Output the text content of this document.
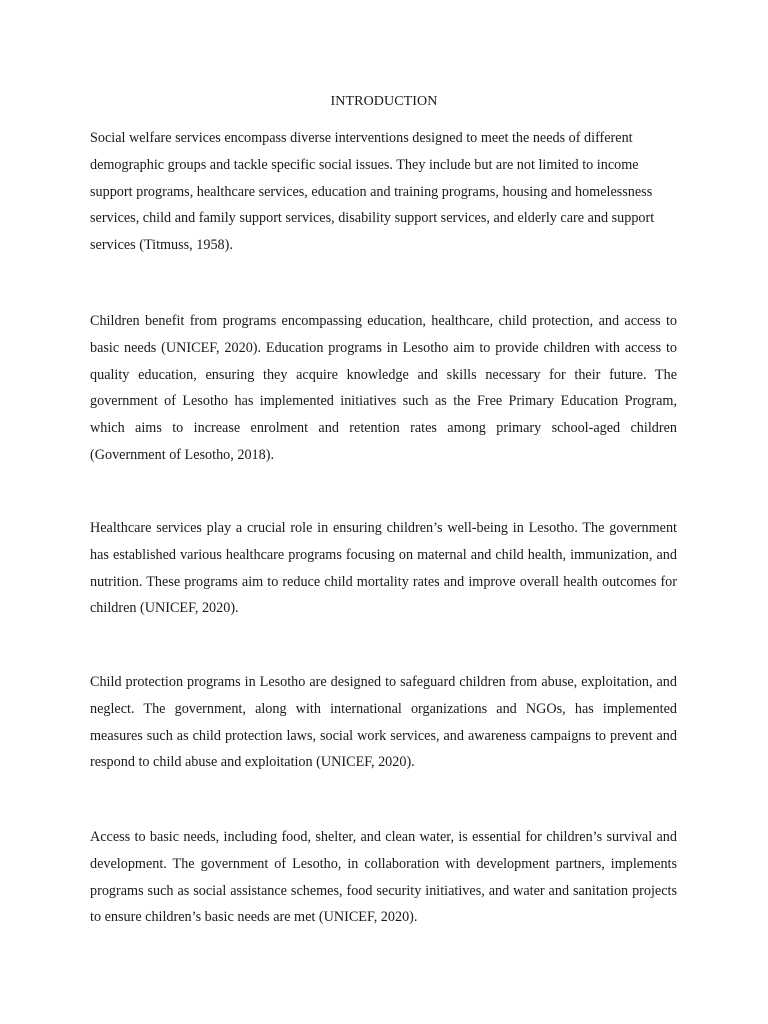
INTRODUCTION

Social welfare services encompass diverse interventions designed to meet the needs of different demographic groups and tackle specific social issues. They include but are not limited to income support programs, healthcare services, education and training programs, housing and homelessness services, child and family support services, disability support services, and elderly care and support services (Titmuss, 1958).

Children benefit from programs encompassing education, healthcare, child protection, and access to basic needs (UNICEF, 2020). Education programs in Lesotho aim to provide children with access to quality education, ensuring they acquire knowledge and skills necessary for their future. The government of Lesotho has implemented initiatives such as the Free Primary Education Program, which aims to increase enrolment and retention rates among primary school-aged children (Government of Lesotho, 2018).

Healthcare services play a crucial role in ensuring children’s well-being in Lesotho. The government has established various healthcare programs focusing on maternal and child health, immunization, and nutrition. These programs aim to reduce child mortality rates and improve overall health outcomes for children (UNICEF, 2020).

Child protection programs in Lesotho are designed to safeguard children from abuse, exploitation, and neglect. The government, along with international organizations and NGOs, has implemented measures such as child protection laws, social work services, and awareness campaigns to prevent and respond to child abuse and exploitation (UNICEF, 2020).

Access to basic needs, including food, shelter, and clean water, is essential for children’s survival and development. The government of Lesotho, in collaboration with development partners, implements programs such as social assistance schemes, food security initiatives, and water and sanitation projects to ensure children’s basic needs are met (UNICEF, 2020).
